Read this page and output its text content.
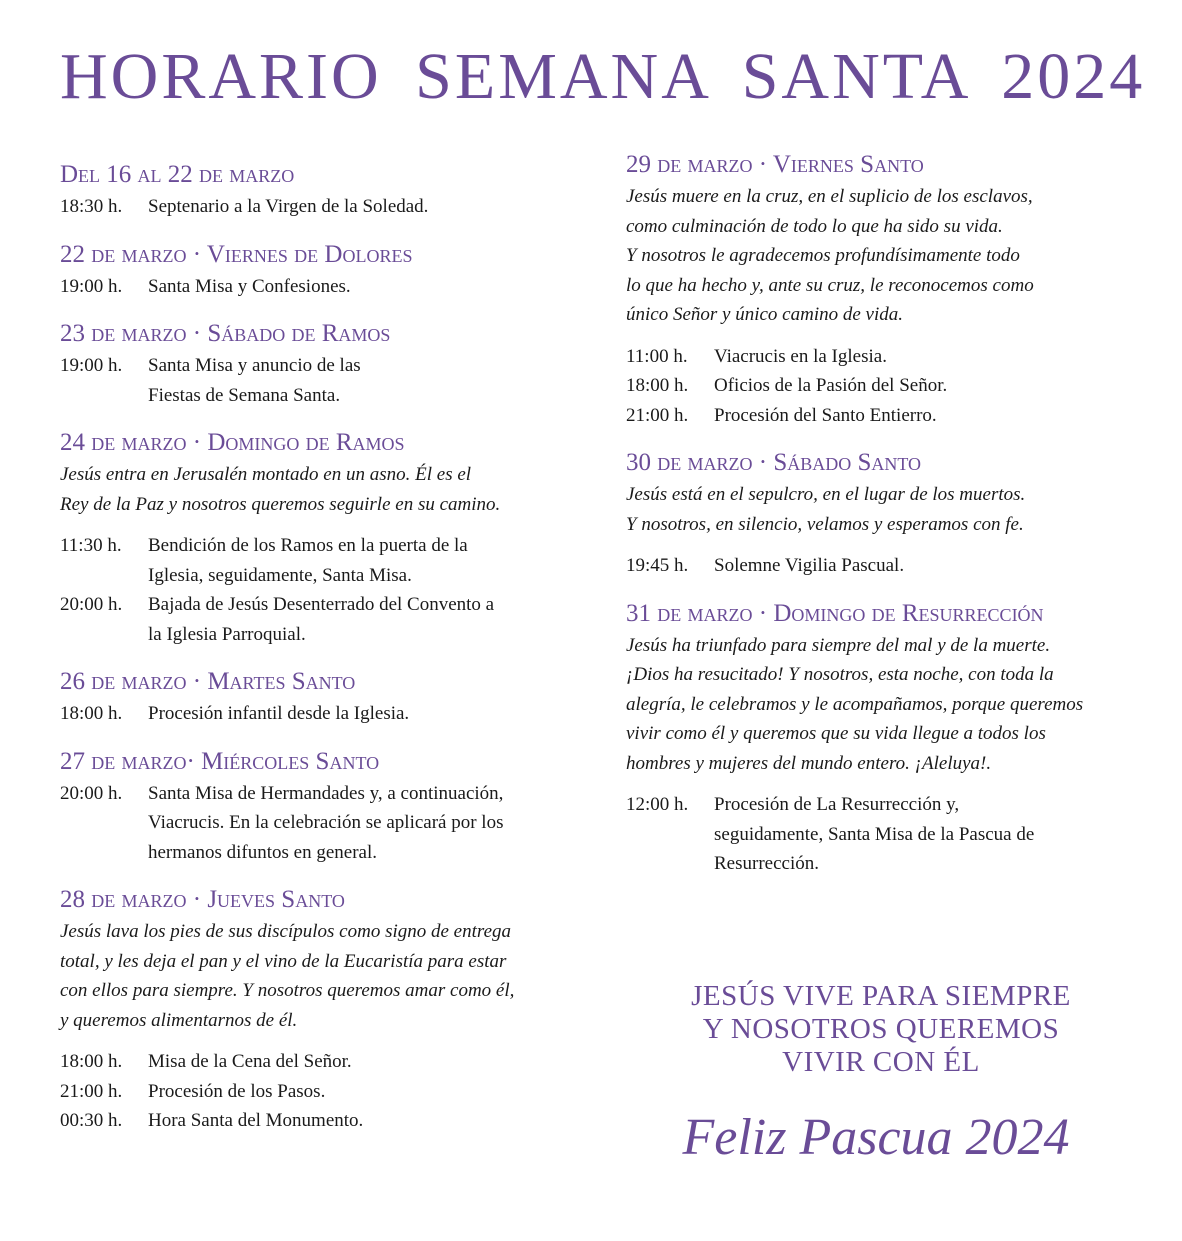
HORARIO SEMANA SANTA 2024
Del 16 al 22 de marzo
18:30 h.	Septenario a la Virgen de la Soledad.
22 de marzo · Viernes de Dolores
19:00 h.	Santa Misa y Confesiones.
23 de marzo · Sábado de Ramos
19:00 h.	Santa Misa y anuncio de las
Fiestas de Semana Santa.
24 de marzo · Domingo de Ramos
Jesús entra en Jerusalén montado en un asno. Él es el
Rey de la Paz y nosotros queremos seguirle en su camino.
11:30 h.	Bendición de los Ramos en la puerta de la
Iglesia, seguidamente, Santa Misa.
20:00 h.	Bajada de Jesús Desenterrado del Convento a
la Iglesia Parroquial.
26 de marzo · Martes Santo
18:00 h.	Procesión infantil desde la Iglesia.
27 de marzo· Miércoles Santo
20:00 h.	Santa Misa de Hermandades y, a continuación,
Viacrucis. En la celebración se aplicará por los
hermanos difuntos en general.
28 de marzo · Jueves Santo
Jesús lava los pies de sus discípulos como signo de entrega
total, y les deja el pan y el vino de la Eucaristía para estar
con ellos para siempre. Y nosotros queremos amar como él,
y queremos alimentarnos de él.
18:00 h.	Misa de la Cena del Señor.
21:00 h.	Procesión de los Pasos.
00:30 h.	Hora Santa del Monumento.
29 de marzo · Viernes Santo
Jesús muere en la cruz, en el suplicio de los esclavos,
como culminación de todo lo que ha sido su vida.
Y nosotros le agradecemos profundísimamente todo
lo que ha hecho y, ante su cruz, le reconocemos como
único Señor y único camino de vida.
11:00 h.	Viacrucis en la Iglesia.
18:00 h.	Oficios de la Pasión del Señor.
21:00 h.	Procesión del Santo Entierro.
30 de marzo · Sábado Santo
Jesús está en el sepulcro, en el lugar de los muertos.
Y nosotros, en silencio, velamos y esperamos con fe.
19:45 h.	Solemne Vigilia Pascual.
31 de marzo · Domingo de Resurrección
Jesús ha triunfado para siempre del mal y de la muerte.
¡Dios ha resucitado! Y nosotros, esta noche, con toda la
alegría, le celebramos y le acompañamos, porque queremos
vivir como él y queremos que su vida llegue a todos los
hombres y mujeres del mundo entero. ¡Aleluya!.
12:00 h.	Procesión de La Resurrección y,
seguidamente, Santa Misa de la Pascua de
Resurrección.
JESÚS VIVE PARA SIEMPRE
Y NOSOTROS QUEREMOS
VIVIR CON ÉL
Feliz Pascua 2024
